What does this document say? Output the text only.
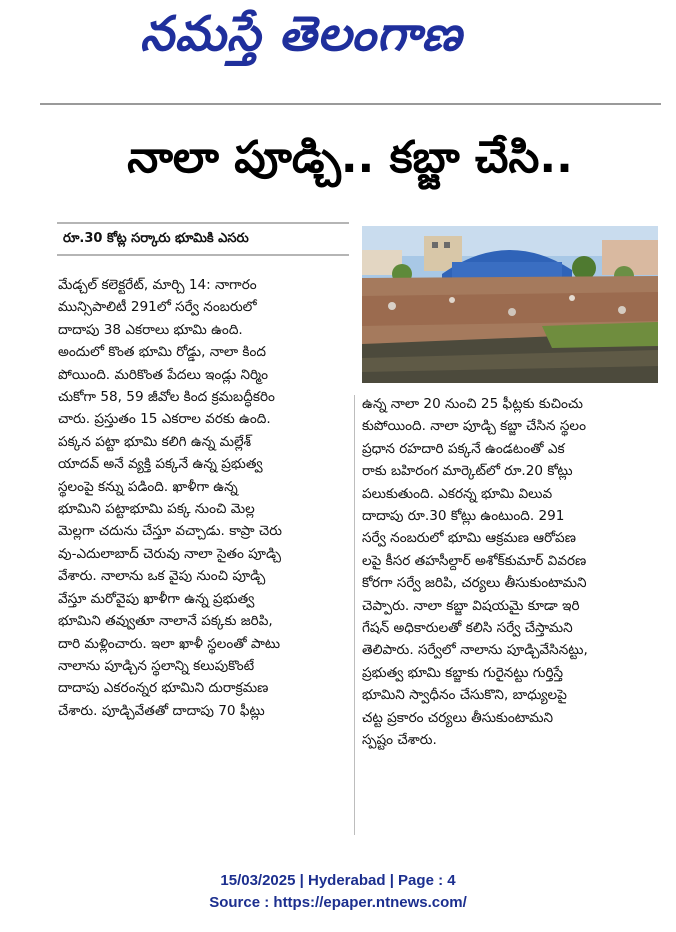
నమస్తే తెలంగాణ
నాలా పూడ్చి.. కబ్జా చేసి..
రూ.30 కోట్ల సర్కారు భూమికి ఎసరు
మేడ్చల్ కలెక్టరేట్, మార్చి 14: నాగారం
మున్సిపాలిటీ 291లో సర్వే నంబరులో
దాదాపు 38 ఎకరాలు భూమి ఉంది.
అందులో కొంత భూమి రోడ్డు, నాలా కింద
పోయింది. మరికొంత పేదలు ఇండ్లు నిర్మిం
చుకోగా 58, 59 జీవోల కింద క్రమబద్ధీకరిం
చారు. ప్రస్తుతం 15 ఎకరాల వరకు ఉంది.
పక్కన పట్టా భూమి కలిగి ఉన్న మల్లేశ్
యాదవ్ అనే వ్యక్తి పక్కనే ఉన్న ప్రభుత్వ
స్థలంపై కన్ను పడింది. ఖాళీగా ఉన్న
భూమిని పట్టాభూమి పక్క నుంచి మెల్ల
మెల్లగా చదును చేస్తూ వచ్చాడు. కాప్రా చెరు
వు-ఎదులాబాద్ చెరువు నాలా సైతం పూడ్చి
వేశారు. నాలాను ఒక వైపు నుంచి పూడ్చి
వేస్తూ మరోవైపు ఖాళీగా ఉన్న ప్రభుత్వ
భూమిని తవ్వుతూ నాలానే పక్కకు జరిపి,
దారి మళ్లించారు. ఇలా ఖాళీ స్థలంతో పాటు
నాలాను పూడ్చిన స్థలాన్ని కలుపుకొంటే
దాదాపు ఎకరంన్నర భూమిని దురాక్రమణ
చేశారు. పూడ్చివేతతో దాదాపు 70 ఫీట్లు
ఉన్న నాలా 20 నుంచి 25 ఫీట్లకు కుచించు
కుపోయింది. నాలా పూడ్చి కబ్జా చేసిన స్థలం
ప్రధాన రహదారి పక్కనే ఉండటంతో ఎక
రాకు బహిరంగ మార్కెట్‌లో రూ.20 కోట్లు
పలుకుతుంది. ఎకరన్న భూమి విలువ
దాదాపు రూ.30 కోట్లు ఉంటుంది. 291
సర్వే నంబరులో భూమి ఆక్రమణ ఆరోపణ
లపై కీసర తహసీల్దార్ అశోక్‌కుమార్ వివరణ
కోరగా సర్వే జరిపి, చర్యలు తీసుకుంటామని
చెప్పారు. నాలా కబ్జా విషయమై కూడా ఇరి
గేషన్ అధికారులతో కలిసి సర్వే చేస్తామని
తెలిపారు. సర్వేలో నాలాను పూడ్చివేసినట్టు,
ప్రభుత్వ భూమి కబ్జాకు గురైనట్టు గుర్తిస్తే
భూమిని స్వాధీనం చేసుకొని, బాధ్యులపై
చట్ట ప్రకారం చర్యలు తీసుకుంటామని
స్పష్టం చేశారు.
15/03/2025 | Hyderabad | Page : 4
Source : https://epaper.ntnews.com/
